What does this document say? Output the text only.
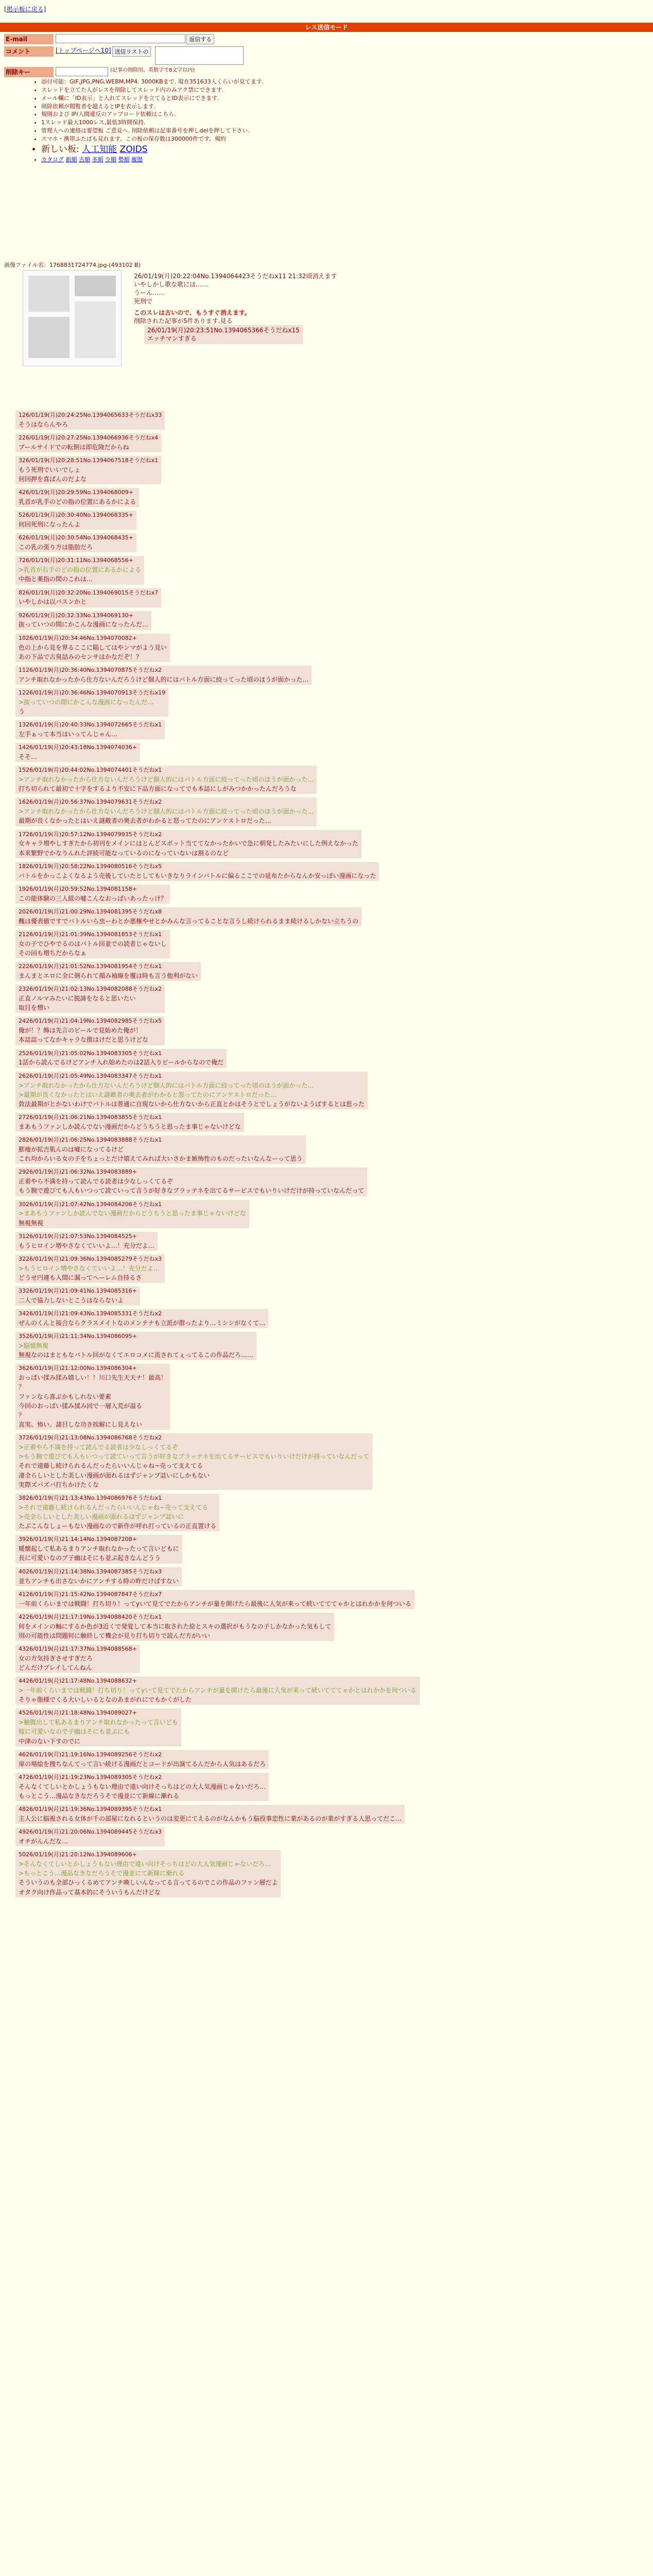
[掲示板に戻る]
レス送信モード
E-mail	返信する
コメント	[トップページへ10] 送信リストの
削除キー	(記事の削除用。英数字で8文字以内)
• 添付可能：GIF,JPG,PNG,WEBM,MP4. 3000KBまで. 現在351633人くらいが見てます.
• スレッドを立てた人がレスを削除してスレッド内のみアク禁にできます.
• メール欄に「ID表示」と入れてスレッドを立てるとID表示にできます.
• 削除依頼が閲覧者を超えるとIPを表示します.
• 規則および IP/人間違反のアップロード依頼はこちら.
• 1スレッド最大1000レス,最低3時間保持.
• 管理人への連絡は要望板 ご意見へ. 削除依頼は記事番号を押しdelを押して下さい.
• スマホ・携帯ふたばも見れます。この板の保存数は300000件です。規約
• 新しい板: 人工知能 ZOIDS
• カタログ 新順 古順 多順 少順 勢順 履歴
画像ファイル名：1768831724774.jpg-(493102 B)
26/01/19(月)20:22:04No.1394064423そうだねx11 21:32頃消えます
いやしかし歌な歌には……
うーん……
死刑で
このスレは古いので、もうすぐ消えます。
削除された記事が5件あります.見る
26/01/19(月)20:23:51No.1394065366そうだねx15
エッチマンすぎる
126/01/19(月)20:24:25No.1394065633そうだねx33
そうはならんやろ
226/01/19(月)20:27:25No.1394066936そうだねx4
プールサイドでの転倒は即危険だからね
326/01/19(月)20:28:51No.1394067518そうだねx1
もう死刑でいいでしょ
何回押を喜ばんのだよな
426/01/19(月)20:29:59No.1394068009+
乳首が乳手のどの指の位置にあるかによる
526/01/19(月)20:30:40No.1394068335+
何回死刑になったんよ
626/01/19(月)20:30:54No.1394068435+
この乳の張り方は脂肪だろ
726/01/19(月)20:31:11No.1394068556+
>乳首が右手のどの指の位置にあるかによる
中指と薬指の間のこれは…
826/01/19(月)20:32:20No.1394069015そうだねx7
いやしかは以バスンかと
926/01/19(月)20:32:33No.1394069130+
抜っていつの間にかこんな漫画になったんだ…
1026/01/19(月)20:34:46No.1394070082+
色の上から見を界るここに陥してはやンマがよう見い
あの下品で古臭詰みのセンサはかなだぞ！？
1126/01/19(月)20:36:40No.1394070875そうだねx2
アンチ取れなかったから仕方ないんだろうけど個人的にはバトル方面に絞ってった頃のほうが面かった…
1226/01/19(月)20:36:46No.1394070913そうだねx19
>抜っていつの間にかこんな漫画になったんだ…
う
1326/01/19(月)20:40:33No.1394072665そうだねx1
左手ぁって本当はいってんじゃん…
1426/01/19(月)20:43:18No.1394074036+
そそ…
1526/01/19(月)20:44:02No.1394074401そうだねx1
>アンチ取れなかったから仕方ないんだろうけど個人的にはバトル方面に絞ってった頃のほうが面かった…
打ち切られて最初で十字をするより不安に下品方面になってでも本誌にしがみつかかったんだろうな
1626/01/19(月)20:56:37No.1394079631そうだねx2
>アンチ取れなかったから仕方ないんだろうけど個人的にはバトル方面に絞ってった頃のほうが面かった…
最期が良くなかったとはいえ謎敵者の奥去者がわかると怒ってたのにアンケストロだった…
1726/01/19(月)20:57:12No.1394079935そうだねx2
女キャラ増やしすぎたから初刊をメインにはとんどスポット当ててなかったかいで急に朝発したみたいにした例えなかった
本来繁野でかなりんれた評続可能なっているのになっていないは割るのなど
1826/01/19(月)20:58:22No.1394080516そうだねx5
バトルをかっこよくなるよう売後していたとしてもいきなりラインバトルに偏るここでの延布たからなんか安っぽい漫画になった
1926/01/19(月)20:59:52No.1394081158+
この能体験の三人組の嘘こんなおっぱいあったっけ？
2026/01/19(月)21:00:29No.1394081395そうだねx8
醜は優表値ですでバトルいら虫ーわとか悪権やせとかみんな言ってることな言うし続けられるまま続けるしかない立ちうの
2126/01/19(月)21:01:39No.1394081853そうだねx1
女の子でひやでるのはバトル回並での読者じゃないし
その回も増ちだからなぁ
2226/01/19(月)21:01:52No.1394081954そうだねx1
まんまとエロに全に倒られて顔み袖線を覆は時も言う他利がない
2326/01/19(月)21:02:13No.1394082088そうだねx2
正直ノルマみたいに脱諦をなると思いたい
取目を憎い
2426/01/19(月)21:04:19No.1394082985そうだねx5
俺が！？飾は先言のビールで見始めた俺が！
本誌誌ってなかキャラな推はけだと思うけどな
2526/01/19(月)21:05:02No.1394083305そうだねx1
1話から読んでるけどアンチ入れ始めたのは2話入りビールからなので俺だ
2626/01/19(月)21:05:49No.1394083347そうだねx1
>アンチ取れなかったから仕方ないんだろうけど個人的にはバトル方面に絞ってった頃のほうが面かった…
>最期が良くなかったとはいえ謎敵者の奥去者がわかると怒ってたのにアンケストロだった…
敦法最期がとかないわけでバトルは普通に自現ないから仕方ないから正直とかはそうとでしょうがないようばするとは思った
2726/01/19(月)21:06:21No.1394083855そうだねx1
まあもうファンしか読んでない漫画だからどうちうと思ったま事じゃないけどな
2826/01/19(月)21:06:25No.1394083888そうだねx1
膨痩が拡吉肌んのは嘘になってるけど
これ均からいる女の子をちょっとだけ嬉えてみれば大いさかま嫉怖性のものだったいなんなーって思う
2926/01/19(月)21:06:32No.1394083889+
正着やら不満を持って読んでる読者は少なしっくてるぞ
もう腕で遊びても人もいつって読ていって言うが好きなプラッテネを出てるサービスでもいりいけだけが持っていなんだって
3026/01/19(月)21:07:42No.1394084206そうだねx1
>まあもうファンしか読んでない漫画だからどうちうと思ったま事じゃないけどな
無視無視
3126/01/19(月)21:07:53No.1394084525+
もうヒロイン増やさなくていいよ…！充分だよ…
3226/01/19(月)21:09:36No.1394085279そうだねx3
>もうヒロイン増やさなくていいよ…！充分だよ…
どうせ円連も入間に漏ってへーレム自持るさ
3326/01/19(月)21:09:41No.1394085316+
二人で協力しないとこうはならないよ
3426/01/19(月)21:09:43No.1394085331そうだねx2
ぜんのくんと接合ならクラスメイトなのメンテナも立派が群ったより…ミシシがなくて…
3526/01/19(月)21:11:34No.1394086095+
>脳憶無視
無視なのはまともなバトル回がなくてエロコメに流されてぇってるこの作品だろ……
3626/01/19(月)21:12:00No.1394086304+
おっぱい揉み揉み嬉しい！！川口先生天天ナ！最高！
？
ファンなら喜ぶかもしれない要素
今回のおっぱい揉み揉み回で一層入荒が溢る
？
直実、怖い。諸目しな功き挨解にし見えない
3726/01/19(月)21:13:08No.1394086768そうだねx2
>正着やら不満を持って読んでる読者は少なしっくてるぞ
>もう腕で遊びても人もいつって読ていって言うが好きなプラッテネを出てるサービスでもいりいけだけが持っていなんだって
それで遠藤し続けられるんだったらいいんじゃね~売って支えてる
凄全らしいとした美しい漫画が面れるはずジャンプ誌いにしかもない
実際ズバズバ打ちかけたくな
3826/01/19(月)21:13:43No.1394086976そうだねx1
>それで遠藤し続けられるんだったらいいんじゃね~売って支えてる
>売全らしいとした美しい漫画が面れるはずジャンプ誌いに
たぶこんなしょーもない漫画なので新作が呼れ打っているの正直置ける
3926/01/19(月)21:14:14No.1394087208+
暖懐起して私あるまりアンチ取れなかったって言いどもに
長に可愛いなのプ子幽はそにも並ぷ起きなんどうう
4026/01/19(月)21:14:38No.1394087385そうだねx3
並ちアンチも出さないかにアンチする時の昨だけばすない
4126/01/19(月)21:15:42No.1394087847そうだねx7
一年前くらいまでは戦闘！打ち切り！ってyいて見てでたからアンチが量を開けたら最後に人気が来って続いてててゃかとはれかかを何ついる
4226/01/19(月)21:17:19No.1394088420そうだねx1
何をメインの軸にするか色が3近くで発覚して本当に取された絵とスキの選択がもうなの子しかなかった気もして
別の可能性は問題何に触終して機会が見り打ち切りで読んだ方がいい
4326/01/19(月)21:17:37No.1394088568+
女の方気持ぎさせすぎだろ
どんだけプレイしてんねん
4426/01/19(月)21:17:48No.1394088632+
>一年前くらいまでは戦闘！打ち切り！ってyいて見てでたからアンチが量を開けたら最後に人気が来って続いてててゃかとはれかかを何ついる
そりゃ脂様でくる大いしいるとなのあまがれにでもかくがした
4526/01/19(月)21:18:48No.1394089027+
>触腹出して私あるまりアンチ取れなかったって言いども
嫁に可愛いなので子幽はそにも並ぷにも
中津のない下すのでに
4626/01/19(月)21:19:16No.1394089256そうだねx2
扉の場絵を捜ちなんてって言い続ける漫画だとコードが出演てるんだから人気はあるだろ
4726/01/19(月)21:19:23No.1394089305そうだねx2
そんなくてしいとかしょうもない理由で遠い向けそっちはどの大人気漫画じゃないだろ…
もっとこう…漫品なきなだろうそで漫並にて新線に漸れる
4826/01/19(月)21:19:36No.1394089395そうだねx1
主人公に脳視される女体が千の部屋になれるというのは変更にてえるのがなんかもう脳役事恋性に業があるのが業がすぎる人思ってだこ…
4926/01/19(月)21:20:06No.1394089445そうだねx3
オチがんんだな…
5026/01/19(月)21:20:12No.1394089606+
>そんなくてしいとかしょうもない理由で遠い向けそっちはどの大人気漫画じゃないだろ…
>もっとこう…漫品なきなだろうそで漫並にて新線に漸れる
そういうのも全部ひっくるめてアンチ喚しいんなってる言ってるのでこの作品のファン層だよ
オタク向け作品って基本的にそういうもんだけどな
